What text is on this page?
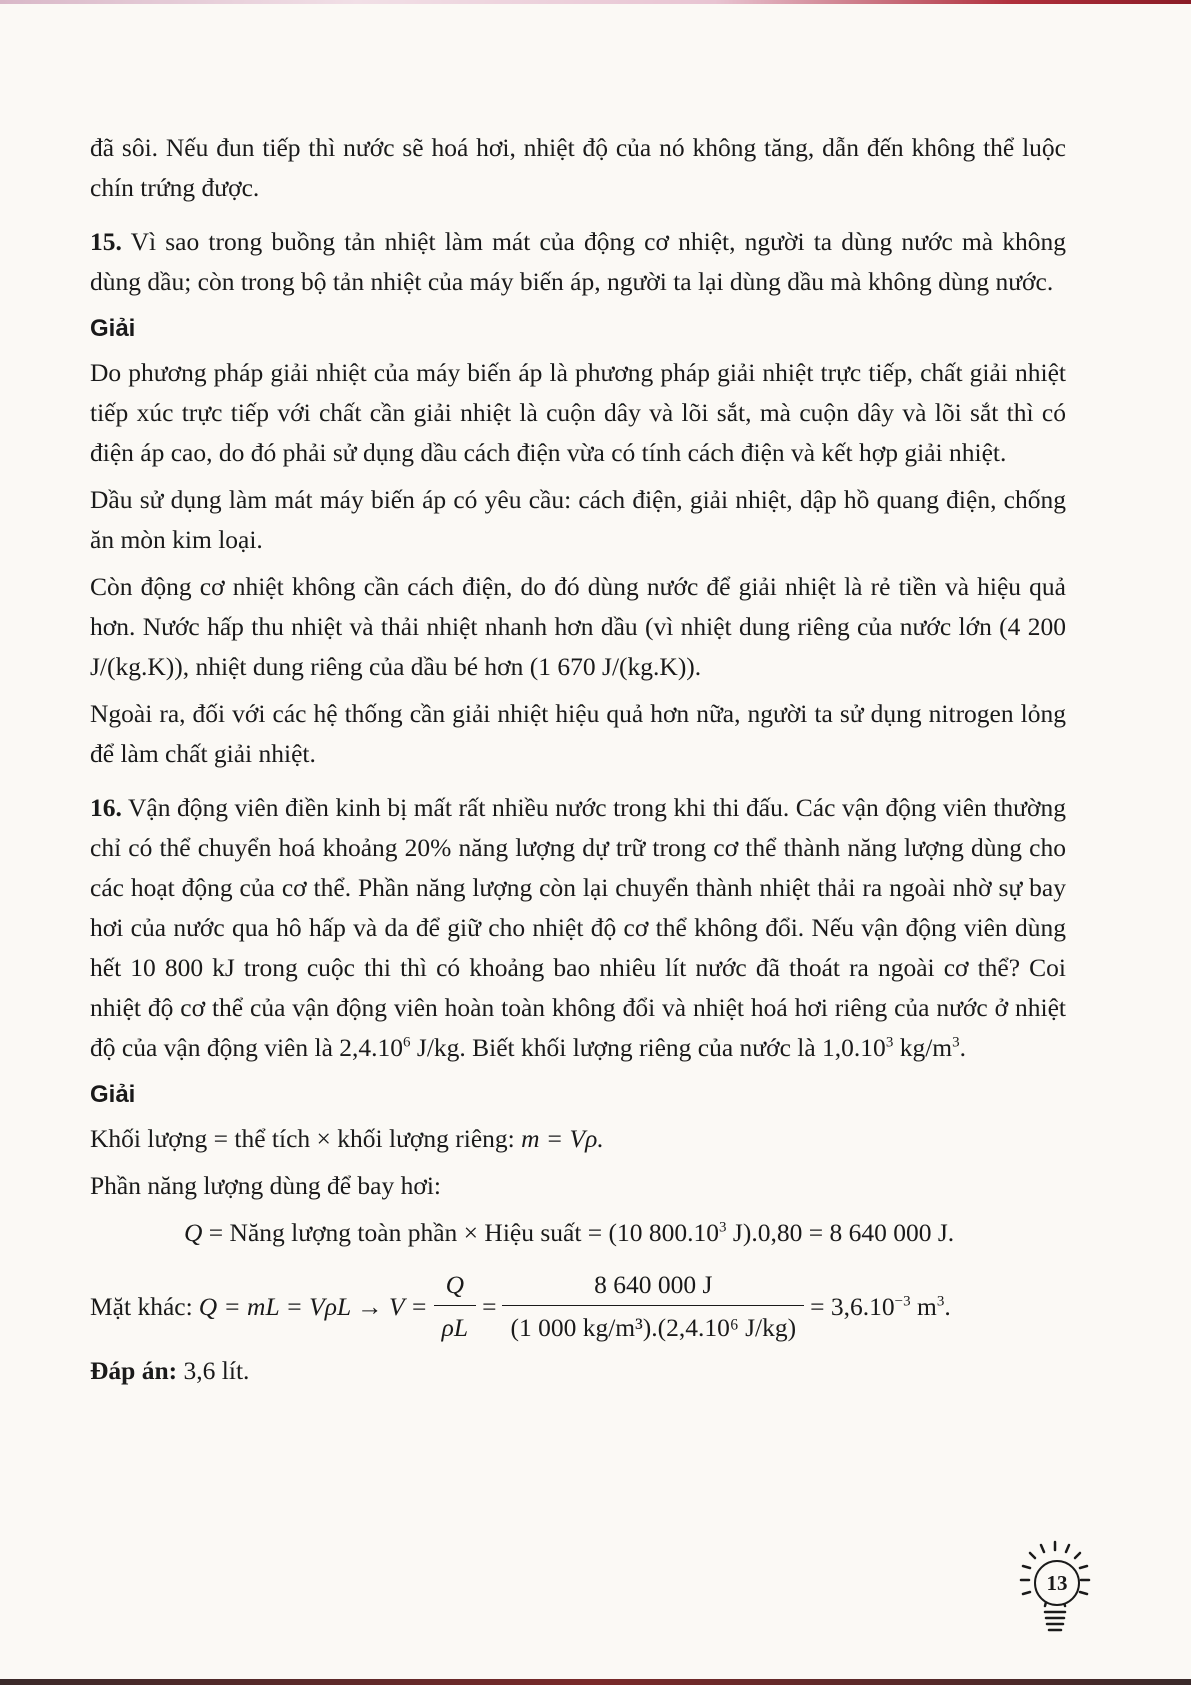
đã sôi. Nếu đun tiếp thì nước sẽ hoá hơi, nhiệt độ của nó không tăng, dẫn đến không thể luộc chín trứng được.

15. Vì sao trong buồng tản nhiệt làm mát của động cơ nhiệt, người ta dùng nước mà không dùng dầu; còn trong bộ tản nhiệt của máy biến áp, người ta lại dùng dầu mà không dùng nước.

Giải

Do phương pháp giải nhiệt của máy biến áp là phương pháp giải nhiệt trực tiếp, chất giải nhiệt tiếp xúc trực tiếp với chất cần giải nhiệt là cuộn dây và lõi sắt, mà cuộn dây và lõi sắt thì có điện áp cao, do đó phải sử dụng dầu cách điện vừa có tính cách điện và kết hợp giải nhiệt.

Dầu sử dụng làm mát máy biến áp có yêu cầu: cách điện, giải nhiệt, dập hồ quang điện, chống ăn mòn kim loại.

Còn động cơ nhiệt không cần cách điện, do đó dùng nước để giải nhiệt là rẻ tiền và hiệu quả hơn. Nước hấp thu nhiệt và thải nhiệt nhanh hơn dầu (vì nhiệt dung riêng của nước lớn (4 200 J/(kg.K)), nhiệt dung riêng của dầu bé hơn (1 670 J/(kg.K)).

Ngoài ra, đối với các hệ thống cần giải nhiệt hiệu quả hơn nữa, người ta sử dụng nitrogen lỏng để làm chất giải nhiệt.

16. Vận động viên điền kinh bị mất rất nhiều nước trong khi thi đấu. Các vận động viên thường chỉ có thể chuyển hoá khoảng 20% năng lượng dự trữ trong cơ thể thành năng lượng dùng cho các hoạt động của cơ thể. Phần năng lượng còn lại chuyển thành nhiệt thải ra ngoài nhờ sự bay hơi của nước qua hô hấp và da để giữ cho nhiệt độ cơ thể không đổi. Nếu vận động viên dùng hết 10 800 kJ trong cuộc thi thì có khoảng bao nhiêu lít nước đã thoát ra ngoài cơ thể? Coi nhiệt độ cơ thể của vận động viên hoàn toàn không đổi và nhiệt hoá hơi riêng của nước ở nhiệt độ của vận động viên là 2,4.10$^6$ J/kg. Biết khối lượng riêng của nước là 1,0.10$^3$ $kg/m^3$.

Giải

Khối lượng = thể tích × khối lượng riêng: m = Vρ.

Phần năng lượng dùng để bay hơi:

Q = Năng lượng toàn phần × Hiệu suất = (10 800.10$^3$ J).0,80 = 8 640 000 J.
Mặt khác: Q = mL = $V\rho L \to V = \frac{Q}{\rho L} = \frac{8 640 000 J}{\text{(1 000 kg/m³).(2,4.10⁶ J/kg)}} = 3,6.10^{-3}$ $m^3$.

Đáp án: 3,6 lít.

13
